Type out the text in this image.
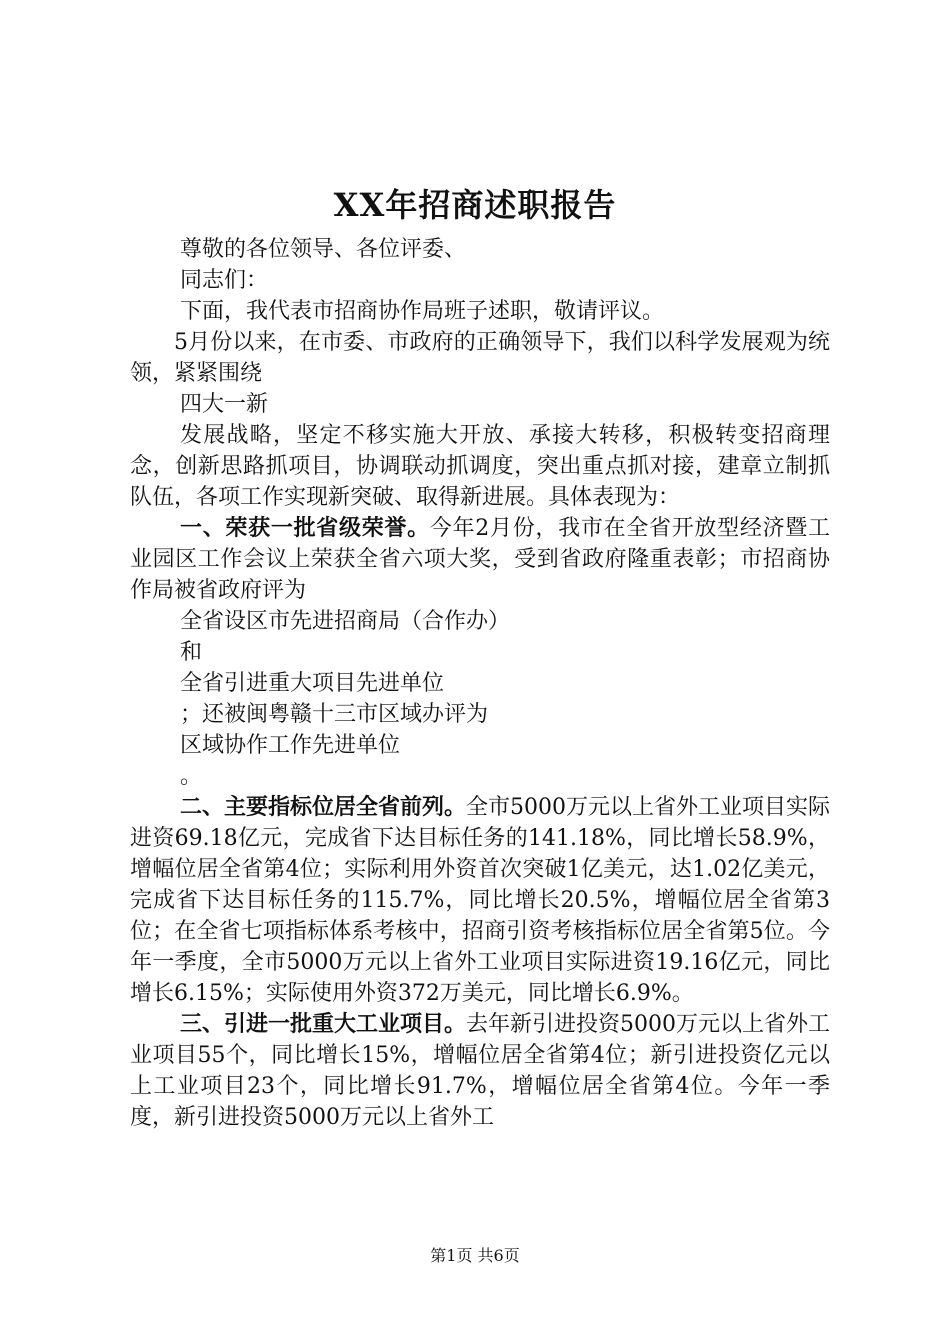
XX年招商述职报告
尊敬的各位领导、各位评委、
同志们：
下面，我代表市招商协作局班子述职，敬请评议。
5月份以来，在市委、市政府的正确领导下，我们以科学发展观为统领，紧紧围绕
四大一新
发展战略，坚定不移实施大开放、承接大转移，积极转变招商理念，创新思路抓项目，协调联动抓调度，突出重点抓对接，建章立制抓队伍，各项工作实现新突破、取得新进展。具体表现为：
一、荣获一批省级荣誉。今年2月份，我市在全省开放型经济暨工业园区工作会议上荣获全省六项大奖，受到省政府隆重表彰；市招商协作局被省政府评为
全省设区市先进招商局（合作办）
和
全省引进重大项目先进单位
；还被闽粤赣十三市区域办评为
区域协作工作先进单位
。
二、主要指标位居全省前列。全市5000万元以上省外工业项目实际进资69.18亿元，完成省下达目标任务的141.18%，同比增长58.9%，增幅位居全省第4位；实际利用外资首次突破1亿美元，达1.02亿美元，完成省下达目标任务的115.7%，同比增长20.5%，增幅位居全省第3位；在全省七项指标体系考核中，招商引资考核指标位居全省第5位。今年一季度，全市5000万元以上省外工业项目实际进资19.16亿元，同比增长6.15%；实际使用外资372万美元，同比增长6.9%。
三、引进一批重大工业项目。去年新引进投资5000万元以上省外工业项目55个，同比增长15%，增幅位居全省第4位；新引进投资亿元以上工业项目23个，同比增长91.7%，增幅位居全省第4位。今年一季度，新引进投资5000万元以上省外工
第1页 共6页
